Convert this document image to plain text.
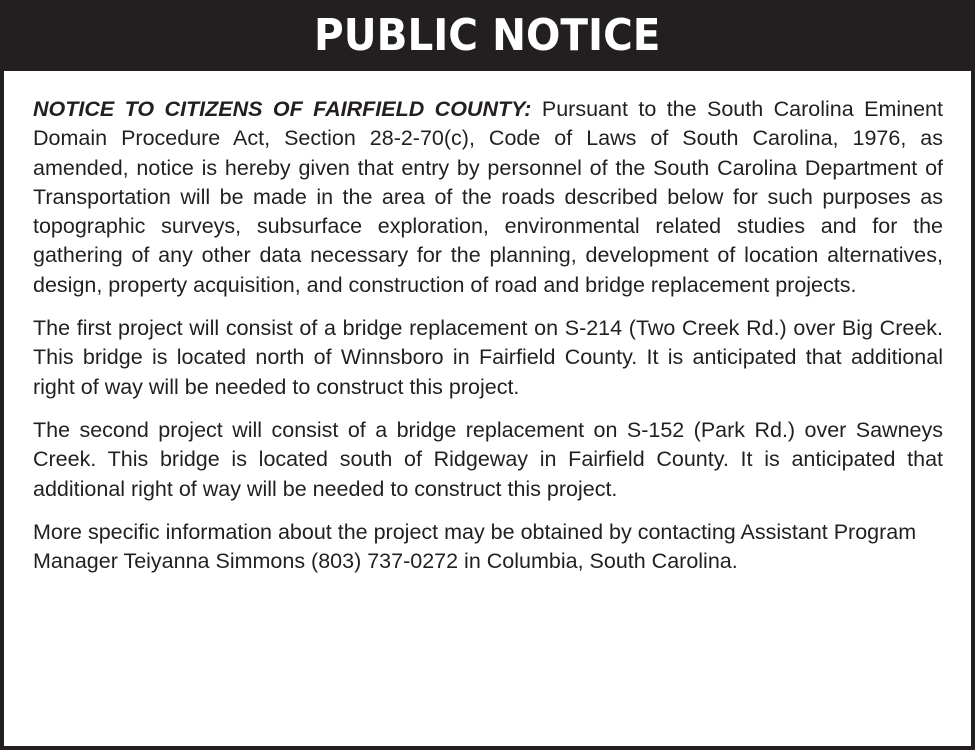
PUBLIC NOTICE

NOTICE TO CITIZENS OF FAIRFIELD COUNTY: Pursuant to the South Carolina Eminent Domain Procedure Act, Section 28-2-70(c), Code of Laws of South Carolina, 1976, as amended, notice is hereby given that entry by personnel of the South Carolina Department of Transportation will be made in the area of the roads described below for such purposes as topographic surveys, subsurface exploration, environmental related studies and for the gathering of any other data necessary for the planning, development of location alternatives, design, property acquisition, and construction of road and bridge replacement projects.

The first project will consist of a bridge replacement on S-214 (Two Creek Rd.) over Big Creek. This bridge is located north of Winnsboro in Fairfield County. It is anticipated that additional right of way will be needed to construct this project.

The second project will consist of a bridge replacement on S-152 (Park Rd.) over Sawneys Creek. This bridge is located south of Ridgeway in Fairfield County. It is anticipated that additional right of way will be needed to construct this project.

More specific information about the project may be obtained by contacting Assistant Program Manager Teiyanna Simmons (803) 737-0272 in Columbia, South Carolina.
